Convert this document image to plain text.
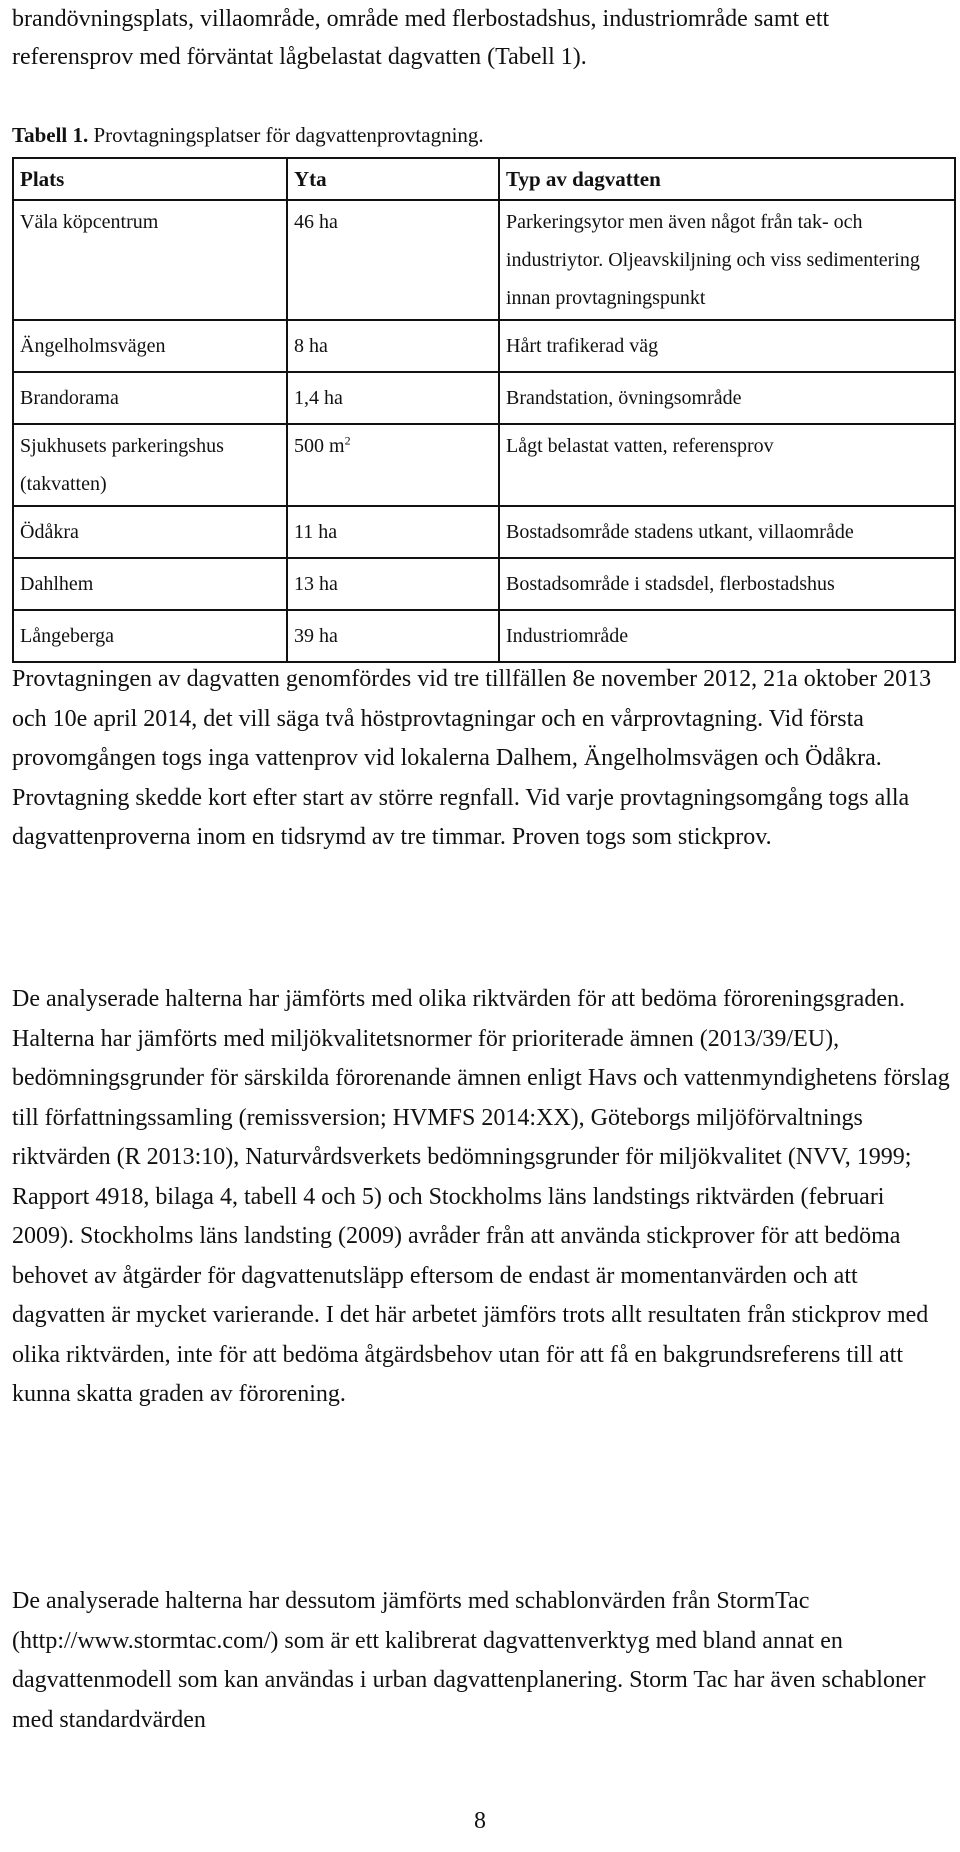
brandövningsplats, villaområde, område med flerbostadshus, industriområde samt ett referensprov med förväntat lågbelastat dagvatten (Tabell 1).

Tabell 1. Provtagningsplatser för dagvattenprovtagning.

Plats	Yta	Typ av dagvatten
Väla köpcentrum	46 ha	Parkeringsytor men även något från tak- och industriytor. Oljeavskiljning och viss sedimentering innan provtagningspunkt
Ängelholmsvägen	8 ha	Hårt trafikerad väg
Brandorama	1,4 ha	Brandstation, övningsområde
Sjukhusets parkeringshus (takvatten)	500 $m^2$	Lågt belastat vatten, referensprov
Ödåkra	11 ha	Bostadsområde stadens utkant, villaområde
Dahlhem	13 ha	Bostadsområde i stadsdel, flerbostadshus
Långeberga	39 ha	Industriområde

Provtagningen av dagvatten genomfördes vid tre tillfällen 8e november 2012, 21a oktober 2013 och 10e april 2014, det vill säga två höstprovtagningar och en vårprovtagning. Vid första provomgången togs inga vattenprov vid lokalerna Dalhem, Ängelholmsvägen och Ödåkra. Provtagning skedde kort efter start av större regnfall. Vid varje provtagningsomgång togs alla dagvattenproverna inom en tidsrymd av tre timmar. Proven togs som stickprov.

De analyserade halterna har jämförts med olika riktvärden för att bedöma föroreningsgraden. Halterna har jämförts med miljökvalitetsnormer för prioriterade ämnen (2013/39/EU), bedömningsgrunder för särskilda förorenande ämnen enligt Havs och vattenmyndighetens förslag till författningssamling (remissversion; HVMFS 2014:XX), Göteborgs miljöförvaltnings riktvärden (R 2013:10), Naturvårdsverkets bedömningsgrunder för miljökvalitet (NVV, 1999; Rapport 4918, bilaga 4, tabell 4 och 5) och Stockholms läns landstings riktvärden (februari 2009). Stockholms läns landsting (2009) avråder från att använda stickprover för att bedöma behovet av åtgärder för dagvattenutsläpp eftersom de endast är momentanvärden och att dagvatten är mycket varierande. I det här arbetet jämförs trots allt resultaten från stickprov med olika riktvärden, inte för att bedöma åtgärdsbehov utan för att få en bakgrundsreferens till att kunna skatta graden av förorening.

De analyserade halterna har dessutom jämförts med schablonvärden från StormTac (http://www.stormtac.com/) som är ett kalibrerat dagvattenverktyg med bland annat en dagvattenmodell som kan användas i urban dagvattenplanering. Storm Tac har även schabloner med standardvärden

8
